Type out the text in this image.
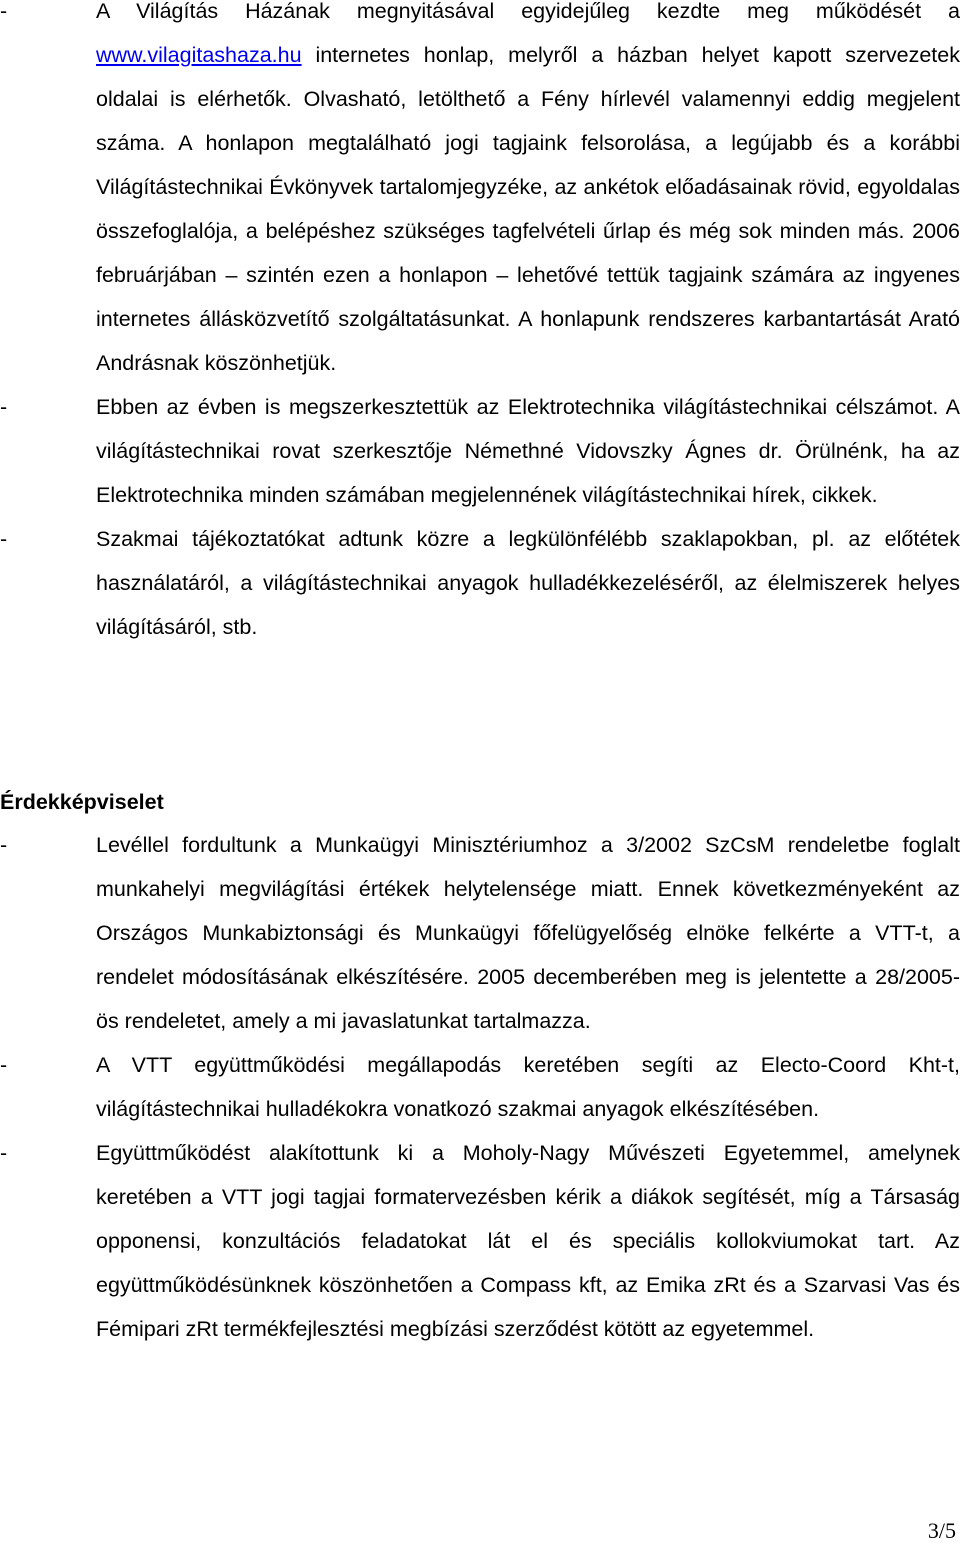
-	A Világítás Házának megnyitásával egyidejűleg kezdte meg működését a www.vilagitashaza.hu internetes honlap, melyről a házban helyet kapott szervezetek oldalai is elérhetők. Olvasható, letölthető a Fény hírlevél valamennyi eddig megjelent száma. A honlapon megtalálható jogi tagjaink felsorolása, a legújabb és a korábbi Világítástechnikai Évkönyvek tartalomjegyzéke, az ankétok előadásainak rövid, egyoldalas összefoglalója, a belépéshez szükséges tagfelvételi űrlap és még sok minden más. 2006 februárjában – szintén ezen a honlapon – lehetővé tettük tagjaink számára az ingyenes internetes állásközvetítő szolgáltatásunkat. A honlapunk rendszeres karbantartását Arató Andrásnak köszönhetjük.
-	Ebben az évben is megszerkesztettük az Elektrotechnika világítástechnikai célszámot. A világítástechnikai rovat szerkesztője Némethné Vidovszky Ágnes dr. Örülnénk, ha az Elektrotechnika minden számában megjelennének világítástechnikai hírek, cikkek.
-	Szakmai tájékoztatókat adtunk közre a legkülönfélébb szaklapokban, pl. az előtétek használatáról, a világítástechnikai anyagok hulladékkezeléséről, az élelmiszerek helyes világításáról, stb.
Érdekképviselet
-	Levéllel fordultunk a Munkaügyi Minisztériumhoz a 3/2002 SzCsM rendeletbe foglalt munkahelyi megvilágítási értékek helytelensége miatt. Ennek következményeként az Országos Munkabiztonsági és Munkaügyi főfelügyelőség elnöke felkérte a VTT-t, a rendelet módosításának elkészítésére. 2005 decemberében meg is jelentette a 28/2005-ös rendeletet, amely a mi javaslatunkat tartalmazza.
-	A VTT együttműködési megállapodás keretében segíti az Electo-Coord Kht-t, világítástechnikai hulladékokra vonatkozó szakmai anyagok elkészítésében.
-	Együttműködést alakítottunk ki a Moholy-Nagy Művészeti Egyetemmel, amelynek keretében a VTT jogi tagjai formatervezésben kérik a diákok segítését, míg a Társaság opponensi, konzultációs feladatokat lát el és speciális kollokviumokat tart. Az együttműködésünknek köszönhetően a Compass kft, az Emika zRt és a Szarvasi Vas és Fémipari zRt termékfejlesztési megbízási szerződést kötött az egyetemmel.
3/5
